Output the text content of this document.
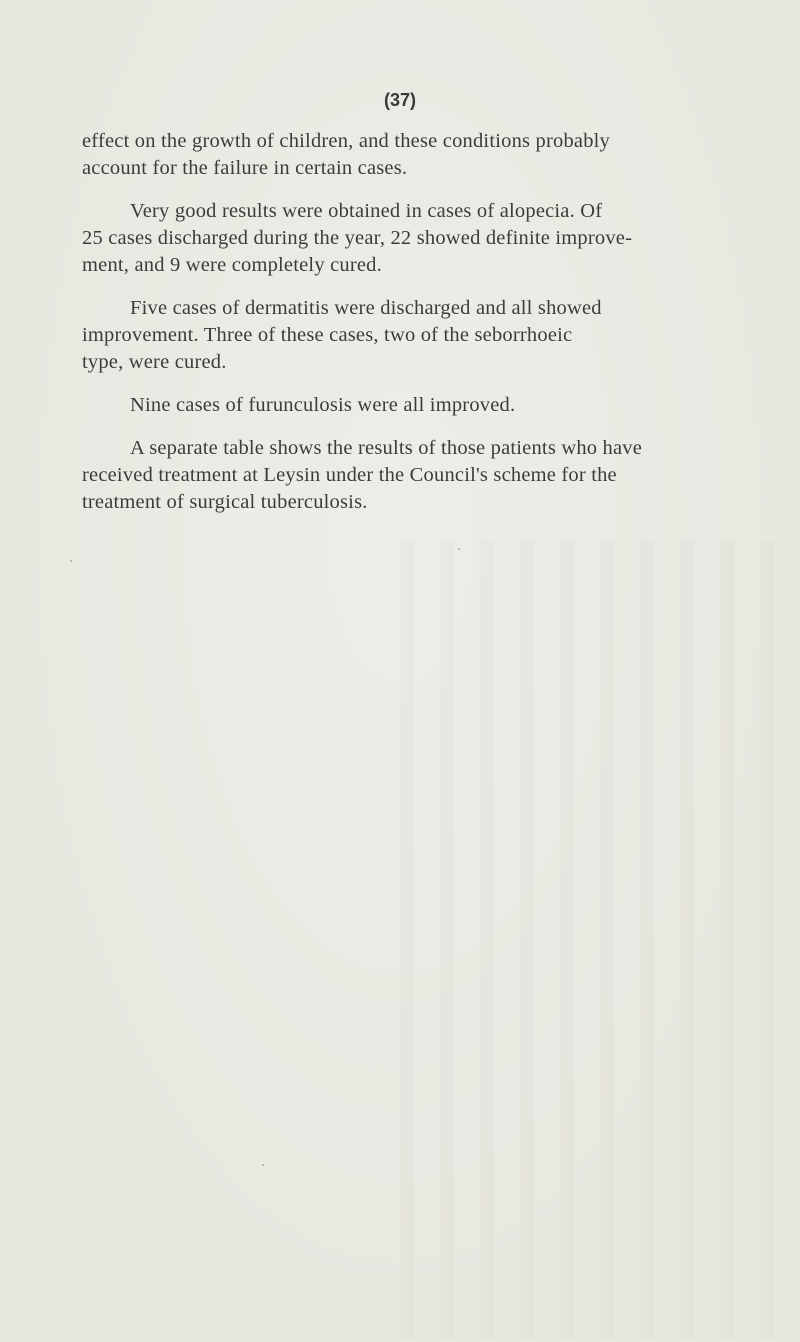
(37)

effect on the growth of children, and these conditions probably
account for the failure in certain cases.

Very good results were obtained in cases of alopecia. Of
25 cases discharged during the year, 22 showed definite improve-
ment, and 9 were completely cured.

Five cases of dermatitis were discharged and all showed
improvement. Three of these cases, two of the seborrhoeic
type, were cured.

Nine cases of furunculosis were all improved.

A separate table shows the results of those patients who have
received treatment at Leysin under the Council's scheme for the
treatment of surgical tuberculosis.
